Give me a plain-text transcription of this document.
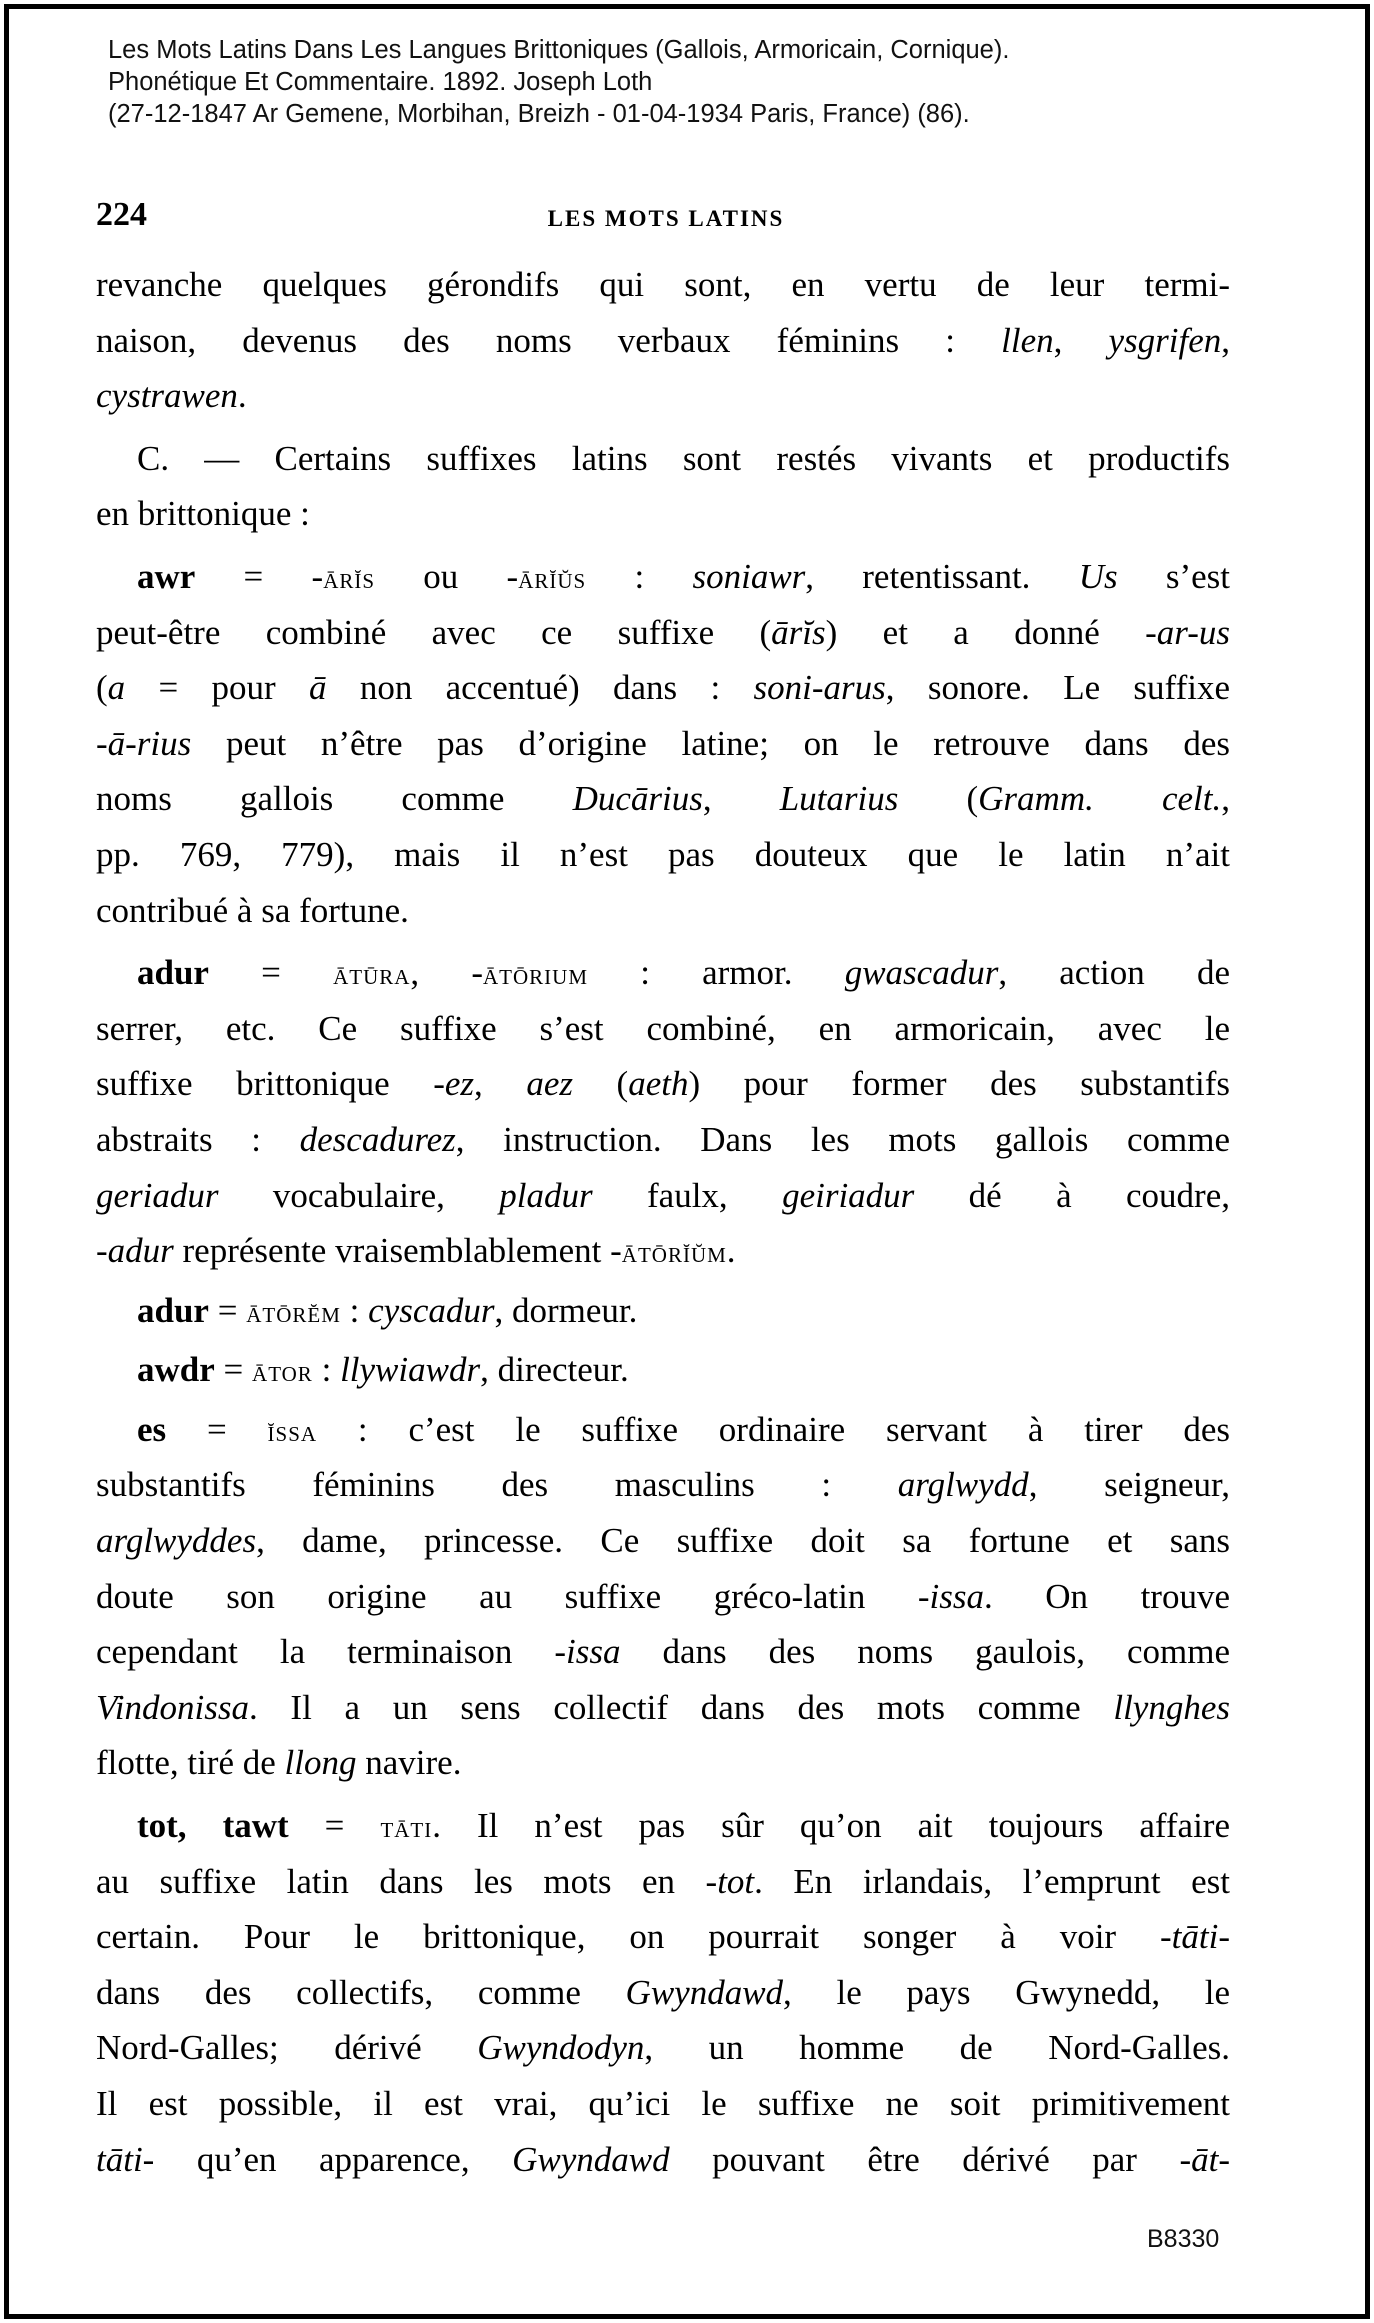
Les Mots Latins Dans Les Langues Brittoniques (Gallois, Armoricain, Cornique).
Phonétique Et Commentaire. 1892. Joseph Loth
(27-12-1847 Ar Gemene, Morbihan, Breizh - 01-04-1934 Paris, France) (86).
224	LES MOTS LATINS
revanche quelques gérondifs qui sont, en vertu de leur termi-
naison, devenus des noms verbaux féminins : llen, ysgrifen,
cystrawen.
C. — Certains suffixes latins sont restés vivants et productifs
en brittonique :
awr = -ārĭs ou -ārĭŭs : soniawr, retentissant. Us s’est
peut-être combiné avec ce suffixe (ārĭs) et a donné -ar-us
(a = pour ā non accentué) dans : soni-arus, sonore. Le suffixe
-ā-rius peut n’être pas d’origine latine; on le retrouve dans des
noms gallois comme Ducārius, Lutarius (Gramm. celt.,
pp. 769, 779), mais il n’est pas douteux que le latin n’ait
contribué à sa fortune.
adur = ātūra, -ātōrium : armor. gwascadur, action de
serrer, etc. Ce suffixe s’est combiné, en armoricain, avec le
suffixe brittonique -ez, aez (aeth) pour former des substantifs
abstraits : descadurez, instruction. Dans les mots gallois comme
geriadur vocabulaire, pladur faulx, geiriadur dé à coudre,
-adur représente vraisemblablement -ātōrĭŭm.
adur = ātōrĕm : cyscadur, dormeur.
awdr = ātor : llywiawdr, directeur.
es = ĭssa : c’est le suffixe ordinaire servant à tirer des
substantifs féminins des masculins : arglwydd, seigneur,
arglwyddes, dame, princesse. Ce suffixe doit sa fortune et sans
doute son origine au suffixe gréco-latin -issa. On trouve
cependant la terminaison -issa dans des noms gaulois, comme
Vindonissa. Il a un sens collectif dans des mots comme llynghes
flotte, tiré de llong navire.
tot, tawt = tāti. Il n’est pas sûr qu’on ait toujours affaire
au suffixe latin dans les mots en -tot. En irlandais, l’emprunt est
certain. Pour le brittonique, on pourrait songer à voir -tāti-
dans des collectifs, comme Gwyndawd, le pays Gwynedd, le
Nord-Galles; dérivé Gwyndodyn, un homme de Nord-Galles.
Il est possible, il est vrai, qu’ici le suffixe ne soit primitivement
tāti- qu’en apparence, Gwyndawd pouvant être dérivé par -āt-
B8330
